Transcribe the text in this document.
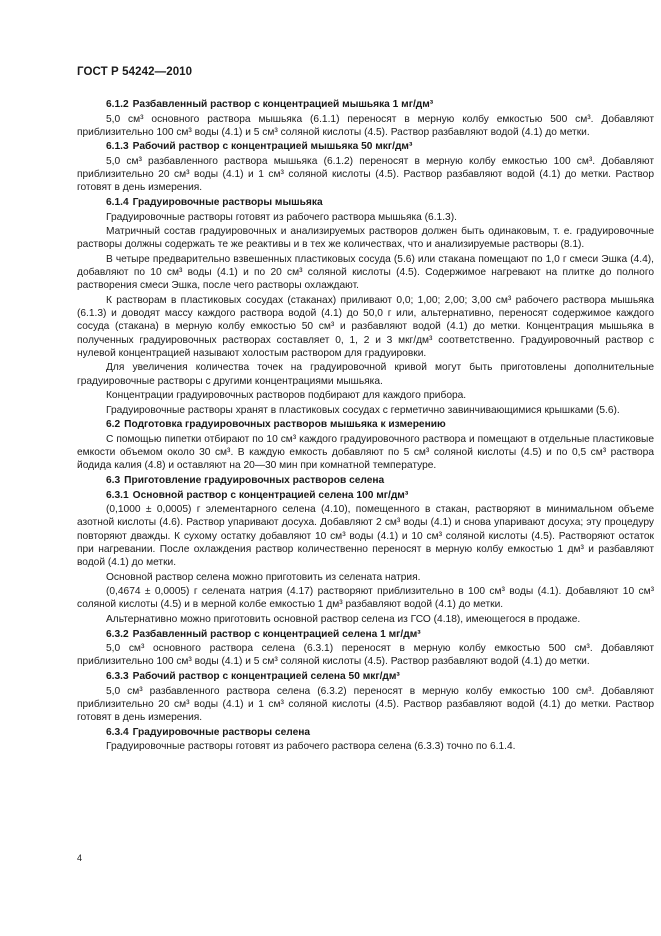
ГОСТ Р 54242—2010

6.1.2 Разбавленный раствор с концентрацией мышьяка 1 мг/дм³

5,0 см³ основного раствора мышьяка (6.1.1) переносят в мерную колбу емкостью 500 см³. Добавляют приблизительно 100 см³ воды (4.1) и 5 см³ соляной кислоты (4.5). Раствор разбавляют водой (4.1) до метки.

6.1.3 Рабочий раствор с концентрацией мышьяка 50 мкг/дм³

5,0 см³ разбавленного раствора мышьяка (6.1.2) переносят в мерную колбу емкостью 100 см³. Добавляют приблизительно 20 см³ воды (4.1) и 1 см³ соляной кислоты (4.5). Раствор разбавляют водой (4.1) до метки. Раствор готовят в день измерения.

6.1.4 Градуировочные растворы мышьяка

Градуировочные растворы готовят из рабочего раствора мышьяка (6.1.3).

Матричный состав градуировочных и анализируемых растворов должен быть одинаковым, т. е. градуировочные растворы должны содержать те же реактивы и в тех же количествах, что и анализируемые растворы (8.1).

В четыре предварительно взвешенных пластиковых сосуда (5.6) или стакана помещают по 1,0 г смеси Эшка (4.4), добавляют по 10 см³ воды (4.1) и по 20 см³ соляной кислоты (4.5). Содержимое нагревают на плитке до полного растворения смеси Эшка, после чего растворы охлаждают.

К растворам в пластиковых сосудах (стаканах) приливают 0,0; 1,00; 2,00; 3,00 см³ рабочего раствора мышьяка (6.1.3) и доводят массу каждого раствора водой (4.1) до 50,0 г или, альтернативно, переносят содержимое каждого сосуда (стакана) в мерную колбу емкостью 50 см³ и разбавляют водой (4.1) до метки. Концентрация мышьяка в полученных градуировочных растворах составляет 0, 1, 2 и 3 мкг/дм³ соответственно. Градуировочный раствор с нулевой концентрацией называют холостым раствором для градуировки.

Для увеличения количества точек на градуировочной кривой могут быть приготовлены дополнительные градуировочные растворы с другими концентрациями мышьяка.

Концентрации градуировочных растворов подбирают для каждого прибора.

Градуировочные растворы хранят в пластиковых сосудах с герметично завинчивающимися крышками (5.6).

6.2 Подготовка градуировочных растворов мышьяка к измерению

С помощью пипетки отбирают по 10 см³ каждого градуировочного раствора и помещают в отдельные пластиковые емкости объемом около 30 см³. В каждую емкость добавляют по 5 см³ соляной кислоты (4.5) и по 0,5 см³ раствора йодида калия (4.8) и оставляют на 20—30 мин при комнатной температуре.

6.3 Приготовление градуировочных растворов селена

6.3.1 Основной раствор с концентрацией селена 100 мг/дм³

(0,1000 ± 0,0005) г элементарного селена (4.10), помещенного в стакан, растворяют в минимальном объеме азотной кислоты (4.6). Раствор упаривают досуха. Добавляют 2 см³ воды (4.1) и снова упаривают досуха; эту процедуру повторяют дважды. К сухому остатку добавляют 10 см³ воды (4.1) и 10 см³ соляной кислоты (4.5). Растворяют остаток при нагревании. После охлаждения раствор количественно переносят в мерную колбу емкостью 1 дм³ и разбавляют водой (4.1) до метки.

Основной раствор селена можно приготовить из селената натрия.

(0,4674 ± 0,0005) г селената натрия (4.17) растворяют приблизительно в 100 см³ воды (4.1). Добавляют 10 см³ соляной кислоты (4.5) и в мерной колбе емкостью 1 дм³ разбавляют водой (4.1) до метки.

Альтернативно можно приготовить основной раствор селена из ГСО (4.18), имеющегося в продаже.

6.3.2 Разбавленный раствор с концентрацией селена 1 мг/дм³

5,0 см³ основного раствора селена (6.3.1) переносят в мерную колбу емкостью 500 см³. Добавляют приблизительно 100 см³ воды (4.1) и 5 см³ соляной кислоты (4.5). Раствор разбавляют водой (4.1) до метки.

6.3.3 Рабочий раствор с концентрацией селена 50 мкг/дм³

5,0 см³ разбавленного раствора селена (6.3.2) переносят в мерную колбу емкостью 100 см³. Добавляют приблизительно 20 см³ воды (4.1) и 1 см³ соляной кислоты (4.5). Раствор разбавляют водой (4.1) до метки. Раствор готовят в день измерения.

6.3.4 Градуировочные растворы селена

Градуировочные растворы готовят из рабочего раствора селена (6.3.3) точно по 6.1.4.

4
